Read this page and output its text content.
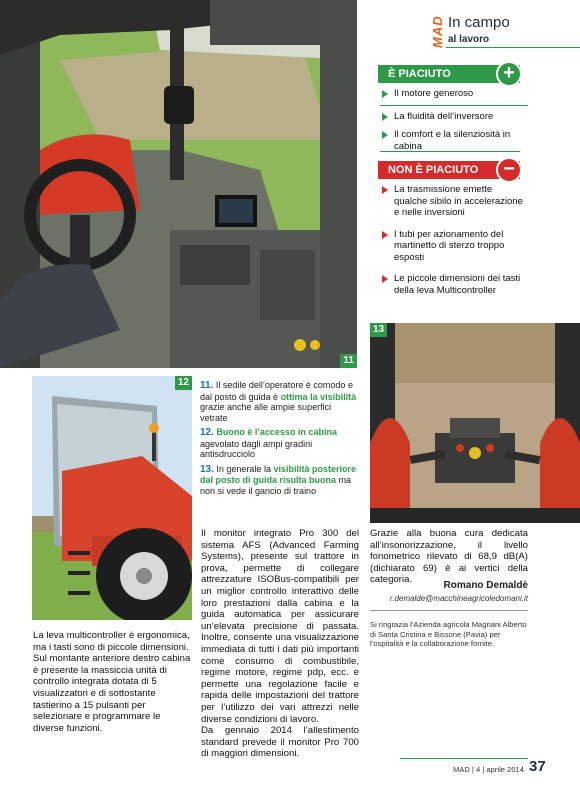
11
12
13
MAD In campo
al lavoro
È PIACIUTO	+
Il motore generoso
La fluidità dell’inversore
Il comfort e la silenziosità in cabina
NON È PIACIUTO	−
La trasmissione emette qualche sibilo in accelerazione e nelle inversioni
I tubi per azionamento del martinetto di sterzo troppo esposti
Le piccole dimensioni dei tasti della leva Multicontroller

11. Il sedile dell’operatore è comodo e dal posto di guida è ottima la visibilità grazie anche alle ampie superfici vetrate

12. Buono è l’accesso in cabina agevolato dagli ampi gradini antisdrucciolo

13. In generale la visibilità posteriore dal posto di guida risulta buona ma non si vede il gancio di traino

La leva multicontroller è ergonomica, ma i tasti sono di piccole dimensioni.

Sul montante anteriore destro cabina è presente la massiccia unità di controllo integrata dotata di 5 visualizzatori e di sottostante tastierino a 15 pulsanti per selezionare e programmare le diverse funzioni.

Il monitor integrato Pro 300 del sistema AFS (Advanced Farming Systems), presente sul trattore in prova, permette di collegare attrezzature ISOBus-compatibili per un miglior controllo interattivo delle loro prestazioni dalla cabina e la guida automatica per assicurare un’elevata precisione di passata. Inoltre, consente una visualizzazione immediata di tutti i dati più importanti come consumo di combustibile, regime motore, regime pdp, ecc. e permette una regolazione facile e rapida delle impostazioni del trattore per l’utilizzo dei vari attrezzi nelle diverse condizioni di lavoro.

Da gennaio 2014 l’allestimento standard prevede il monitor Pro 700 di maggiori dimensioni.

Grazie alla buona cura dedicata all’insonorizzazione, il livello fonometrico rilevato di 68,9 dB(A) (dichiarato 69) è ai vertici della categoria.

Romano Demaldè
r.demalde@macchineagricoledomani.it
Si ringrazia l’Azienda agricola Magnani Alberto di Santa Cristina e Bissone (Pavia) per l’ospitalità e la collaborazione fornite.
MAD | 4 | aprile 2014 37
